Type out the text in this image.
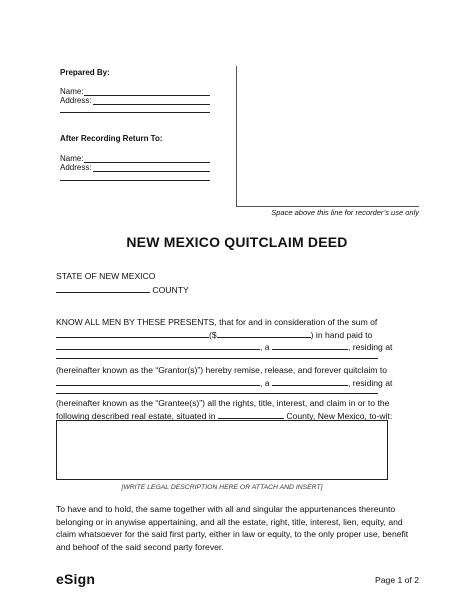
Prepared By:
Name:
Address:
After Recording Return To:
Name:
Address:
Space above this line for recorder’s use only
NEW MEXICO QUITCLAIM DEED
STATE OF NEW MEXICO
COUNTY
KNOW ALL MEN BY THESE PRESENTS, that for and in consideration of the sum of
($	) in hand paid to
, a	, residing at
(hereinafter known as the “Grantor(s)”) hereby remise, release, and forever quitclaim to
, a	, residing at
(hereinafter known as the “Grantee(s)”) all the rights, title, interest, and claim in or to the
following described real estate, situated in	County, New Mexico, to-wit:
[WRITE LEGAL DESCRIPTION HERE OR ATTACH AND INSERT]
To have and to hold, the same together with all and singular the appurtenances thereunto
belonging or in anywise appertaining, and all the estate, right, title, interest, lien, equity, and
claim whatsoever for the said first party, either in law or equity, to the only proper use, benefit
and behoof of the said second party forever.
eSign	Page 1 of 2
